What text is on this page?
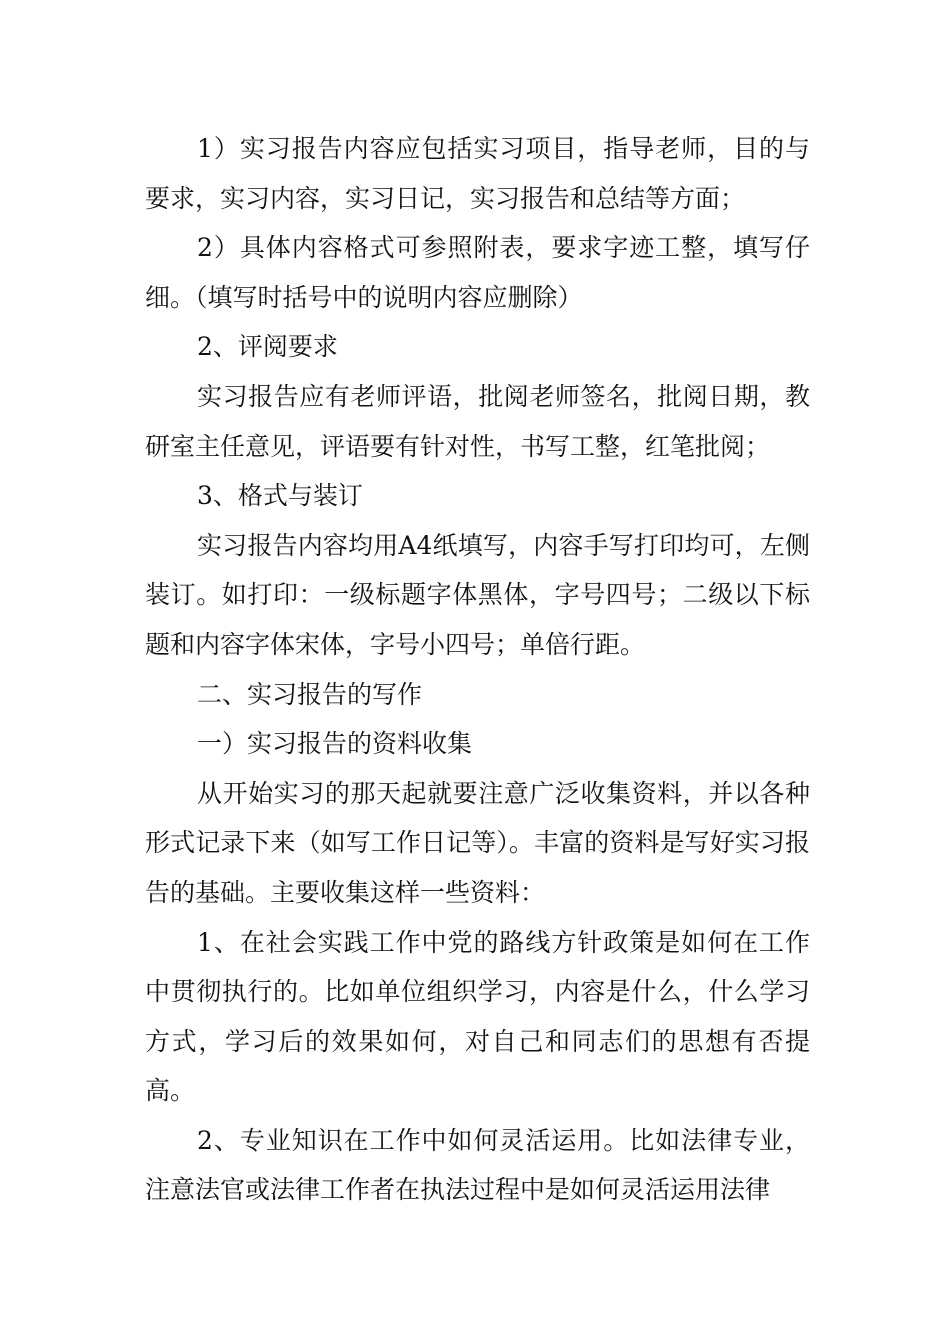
1）实习报告内容应包括实习项目，指导老师，目的与要求，实习内容，实习日记，实习报告和总结等方面；

2）具体内容格式可参照附表，要求字迹工整，填写仔细。（填写时括号中的说明内容应删除）

2、评阅要求

实习报告应有老师评语，批阅老师签名，批阅日期，教研室主任意见，评语要有针对性，书写工整，红笔批阅；

3、格式与装订

实习报告内容均用A4纸填写，内容手写打印均可，左侧装订。如打印：一级标题字体黑体，字号四号；二级以下标题和内容字体宋体，字号小四号；单倍行距。

二、实习报告的写作

一）实习报告的资料收集

从开始实习的那天起就要注意广泛收集资料，并以各种形式记录下来（如写工作日记等）。丰富的资料是写好实习报告的基础。主要收集这样一些资料：

1、在社会实践工作中党的路线方针政策是如何在工作中贯彻执行的。比如单位组织学习，内容是什么，什么学习方式，学习后的效果如何，对自己和同志们的思想有否提高。

2、专业知识在工作中如何灵活运用。比如法律专业，注意法官或法律工作者在执法过程中是如何灵活运用法律
